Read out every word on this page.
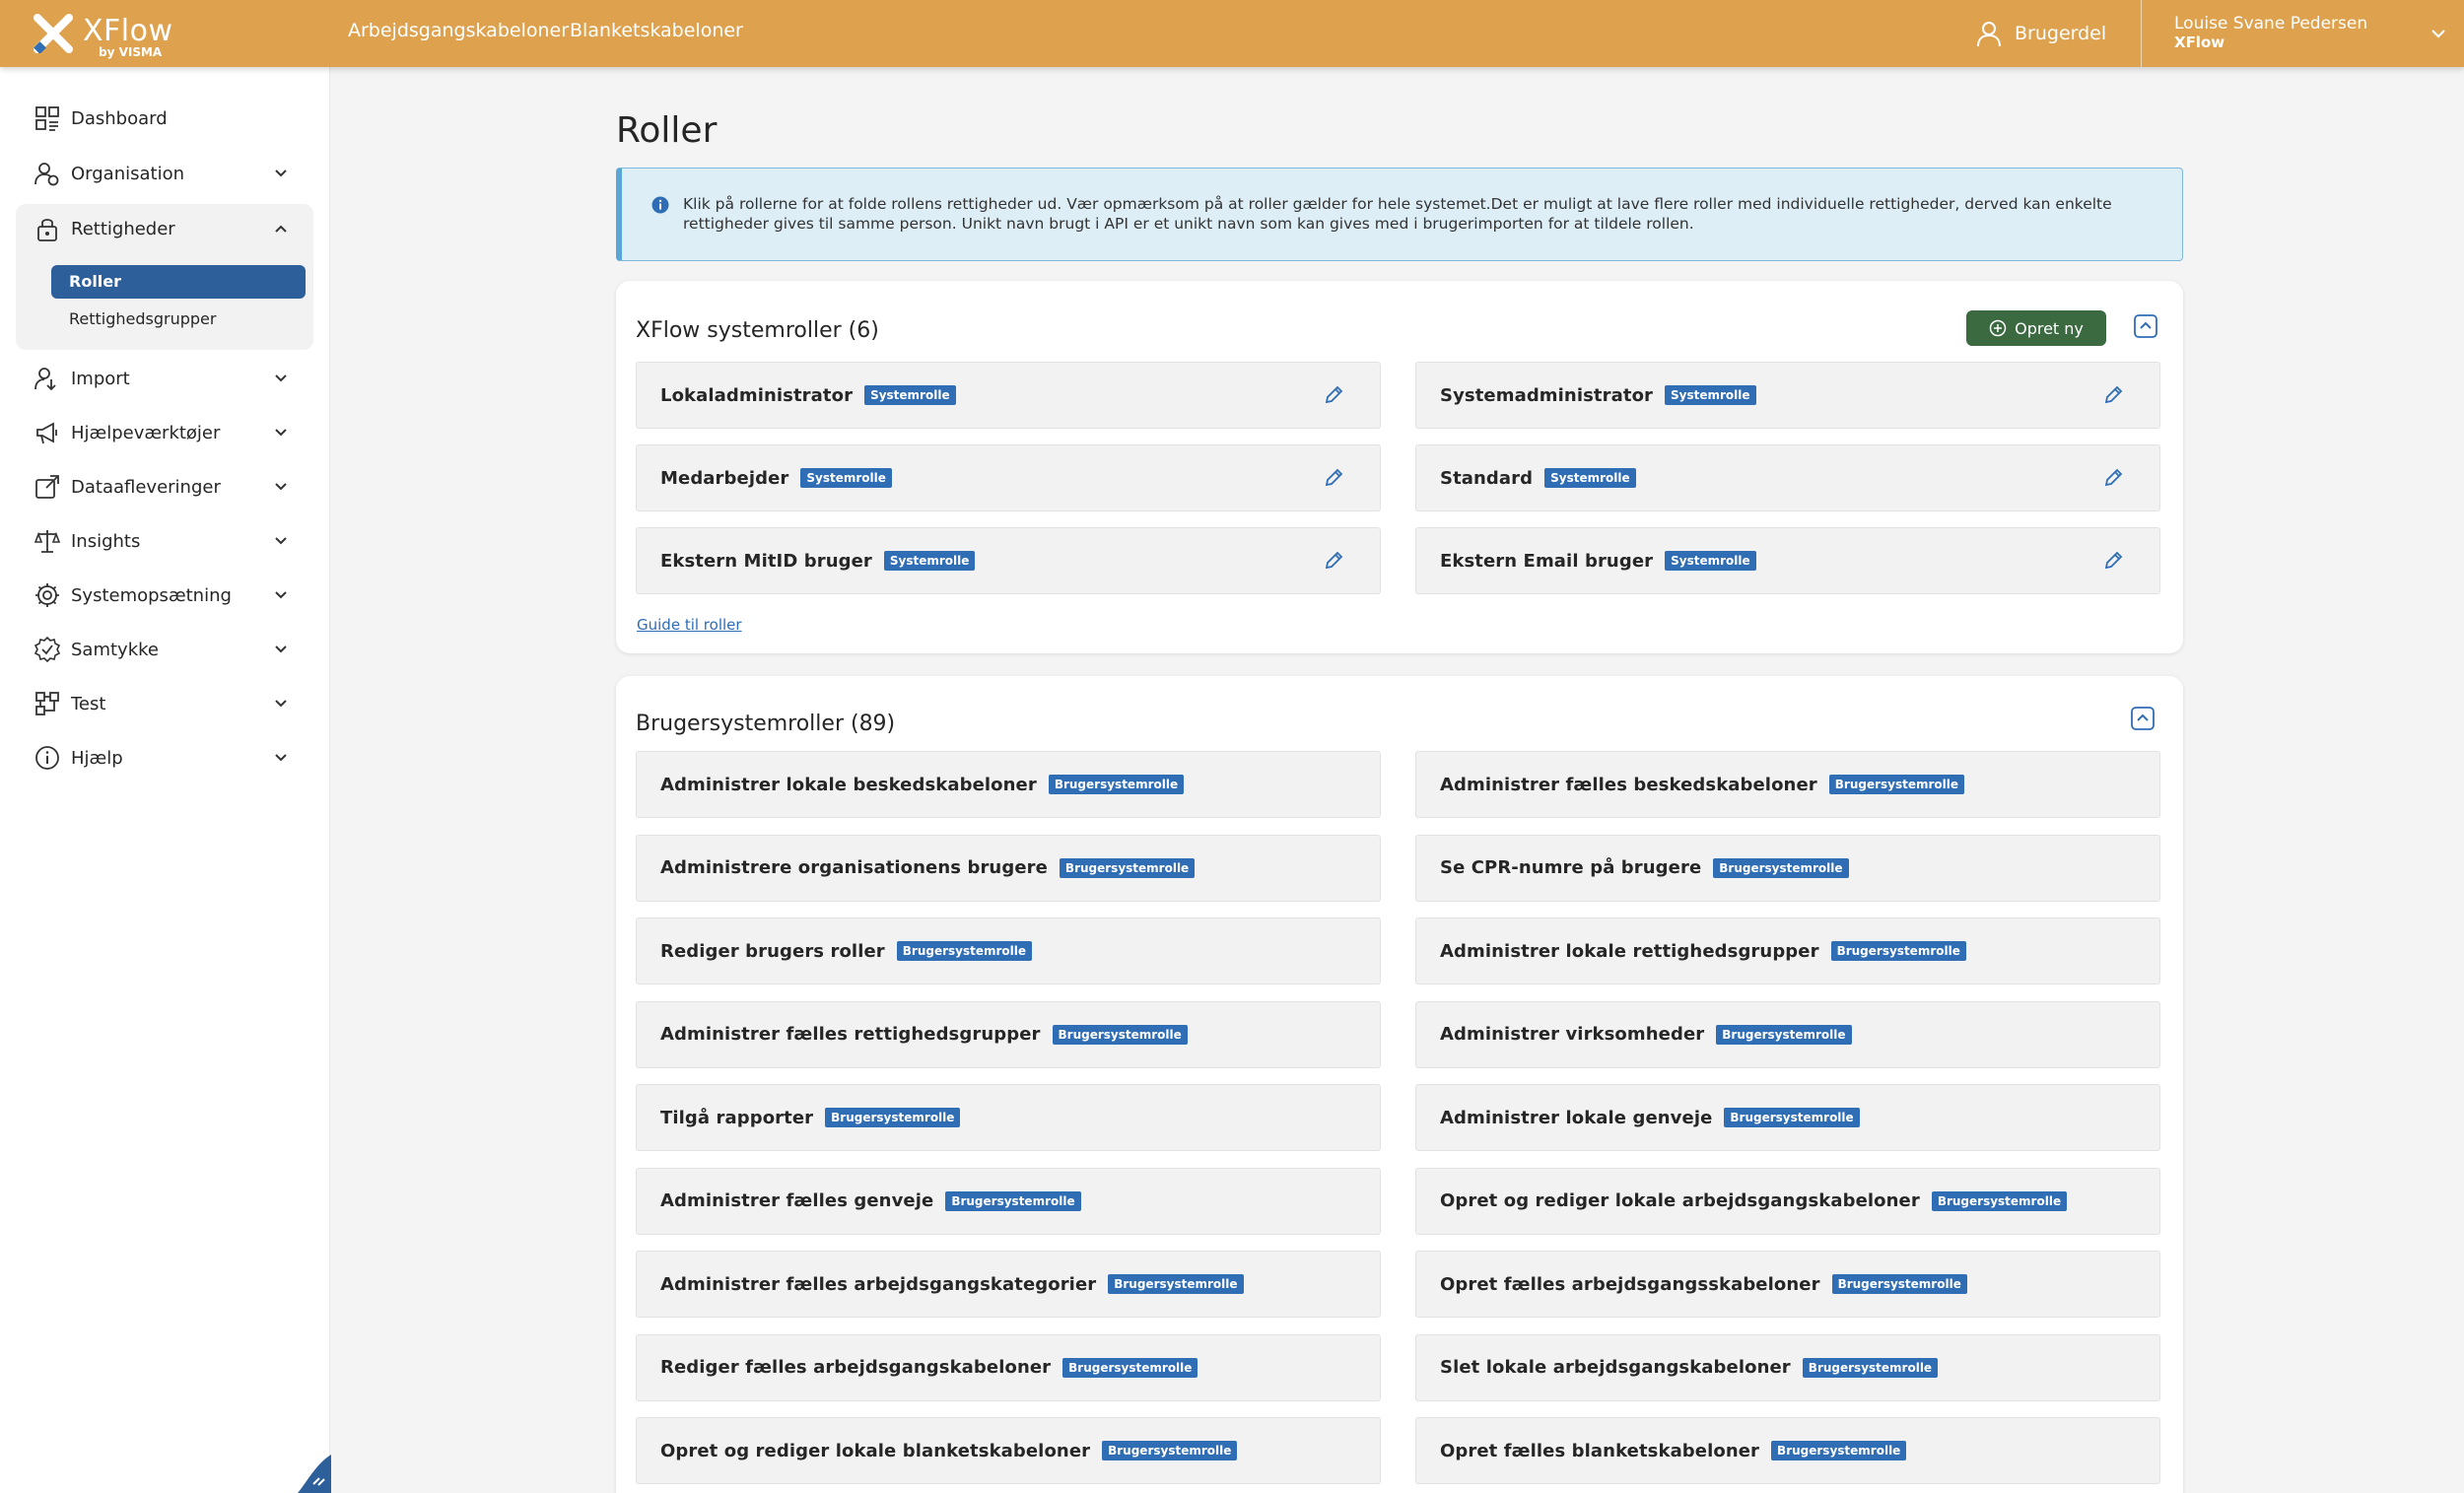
XFlow
by VISMA
Arbejdsgangskabeloner Blanketskabeloner	Brugerdel	Louise Svane Pedersen
XFlow
Dashboard
Organisation
Rettigheder
Roller
Rettighedsgrupper
Import
Hjælpeværktøjer
Dataafleveringer
Insights
Systemopsætning
Samtykke
Test
Hjælp
Roller

Klik på rollerne for at folde rollens rettigheder ud. Vær opmærksom på at roller gælder for hele systemet.Det er muligt at lave flere roller med individuelle rettigheder, derved kan enkelte rettigheder gives til samme person. Unikt navn brugt i API er et unikt navn som kan gives med i brugerimporten for at tildele rollen.

XFlow systemroller (6)	Opret ny
Lokaladministrator	Systemrolle	Systemadministrator	Systemrolle
Medarbejder	Systemrolle	Standard	Systemrolle
Ekstern MitID bruger	Systemrolle	Ekstern Email bruger	Systemrolle
Guide til roller
Brugersystemroller (89)
Administrer lokale beskedskabeloner	Brugersystemrolle	Administrer fælles beskedskabeloner	Brugersystemrolle
Administrere organisationens brugere	Brugersystemrolle	Se CPR-numre på brugere	Brugersystemrolle
Rediger brugers roller	Brugersystemrolle	Administrer lokale rettighedsgrupper	Brugersystemrolle
Administrer fælles rettighedsgrupper	Brugersystemrolle	Administrer virksomheder	Brugersystemrolle
Tilgå rapporter	Brugersystemrolle	Administrer lokale genveje	Brugersystemrolle
Administrer fælles genveje	Brugersystemrolle	Opret og rediger lokale arbejdsgangskabeloner	Brugersystemrolle
Administrer fælles arbejdsgangskategorier	Brugersystemrolle	Opret fælles arbejdsgangsskabeloner	Brugersystemrolle
Rediger fælles arbejdsgangskabeloner	Brugersystemrolle	Slet lokale arbejdsgangskabeloner	Brugersystemrolle
Opret og rediger lokale blanketskabeloner	Brugersystemrolle	Opret fælles blanketskabeloner	Brugersystemrolle
